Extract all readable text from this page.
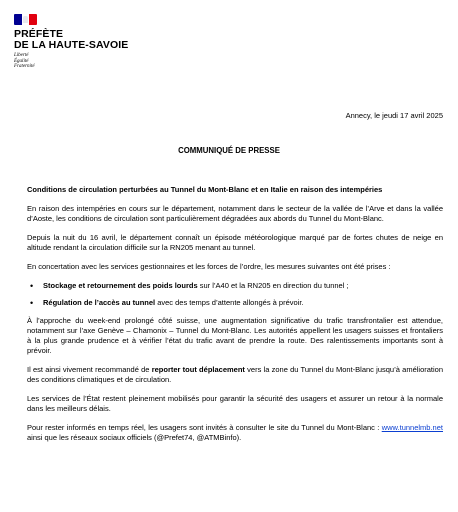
PRÉFÈTE
DE LA HAUTE-SAVOIE
Liberté
Égalité
Fraternité
Annecy, le jeudi 17 avril 2025
COMMUNIQUÉ DE PRESSE

Conditions de circulation perturbées au Tunnel du Mont-Blanc et en Italie en raison des intempéries

En raison des intempéries en cours sur le département, notamment dans le secteur de la vallée de l’Arve et dans la vallée d’Aoste, les conditions de circulation sont particulièrement dégradées aux abords du Tunnel du Mont-Blanc.

Depuis la nuit du 16 avril, le département connaît un épisode météorologique marqué par de fortes chutes de neige en altitude rendant la circulation difficile sur la RN205 menant au tunnel.

En concertation avec les services gestionnaires et les forces de l’ordre, les mesures suivantes ont été prises :

• Stockage et retournement des poids lourds sur l’A40 et la RN205 en direction du tunnel ;
• Régulation de l’accès au tunnel avec des temps d’attente allongés à prévoir.

À l’approche du week-end prolongé côté suisse, une augmentation significative du trafic transfrontalier est attendue, notamment sur l’axe Genève – Chamonix – Tunnel du Mont-Blanc. Les autorités appellent les usagers suisses et frontaliers à la plus grande prudence et à vérifier l’état du trafic avant de prendre la route. Des ralentissements importants sont à prévoir.

Il est ainsi vivement recommandé de reporter tout déplacement vers la zone du Tunnel du Mont-Blanc jusqu’à amélioration des conditions climatiques et de circulation.

Les services de l’État restent pleinement mobilisés pour garantir la sécurité des usagers et assurer un retour à la normale dans les meilleurs délais.

Pour rester informés en temps réel, les usagers sont invités à consulter le site du Tunnel du Mont-Blanc : www.tunnelmb.net ainsi que les réseaux sociaux officiels (@Prefet74, @ATMBinfo).
